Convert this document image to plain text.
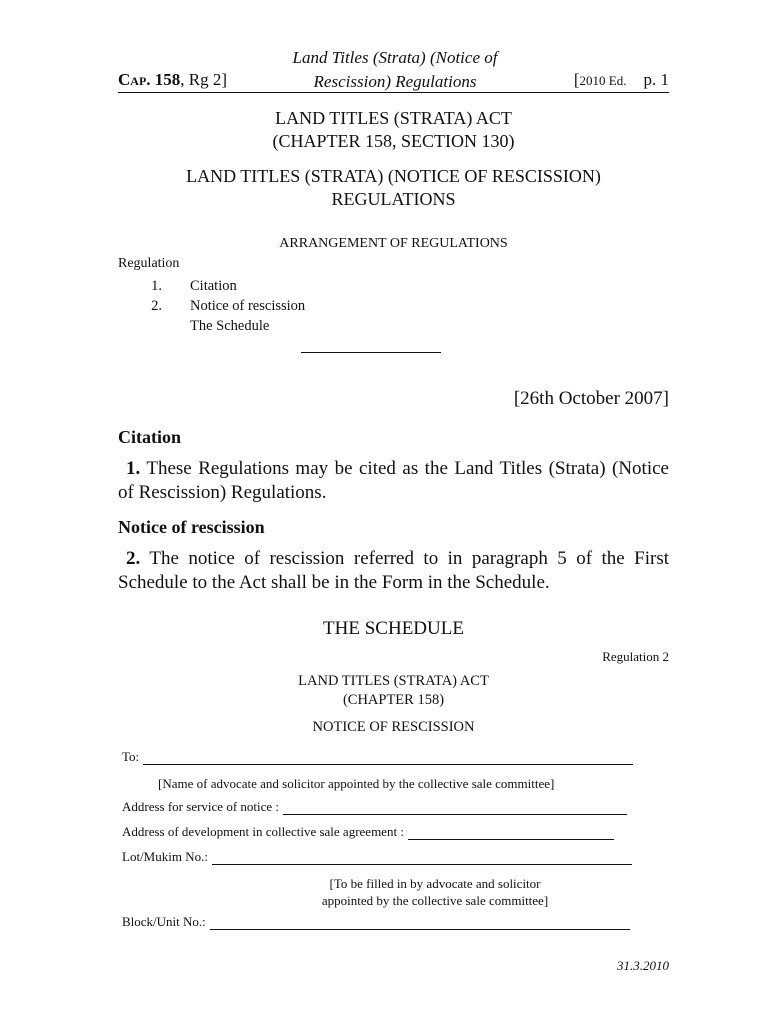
Land Titles (Strata) (Notice of
Rescission) Regulations
Cap. 158, Rg 2]	[2010 Ed. p. 1
LAND TITLES (STRATA) ACT
(CHAPTER 158, SECTION 130)
LAND TITLES (STRATA) (NOTICE OF RESCISSION)
REGULATIONS
ARRANGEMENT OF REGULATIONS
Regulation
1. Citation
2. Notice of rescission
The Schedule
[26th October 2007]
Citation
1. These Regulations may be cited as the Land Titles (Strata) (Notice of Rescission) Regulations.
Notice of rescission
2. The notice of rescission referred to in paragraph 5 of the First Schedule to the Act shall be in the Form in the Schedule.
THE SCHEDULE
Regulation 2
LAND TITLES (STRATA) ACT
(CHAPTER 158)
NOTICE OF RESCISSION
To:
[Name of advocate and solicitor appointed by the collective sale committee]
Address for service of notice :
Address of development in collective sale agreement :
Lot/Mukim No.:
[To be filled in by advocate and solicitor
appointed by the collective sale committee]
Block/Unit No.:
31.3.2010
